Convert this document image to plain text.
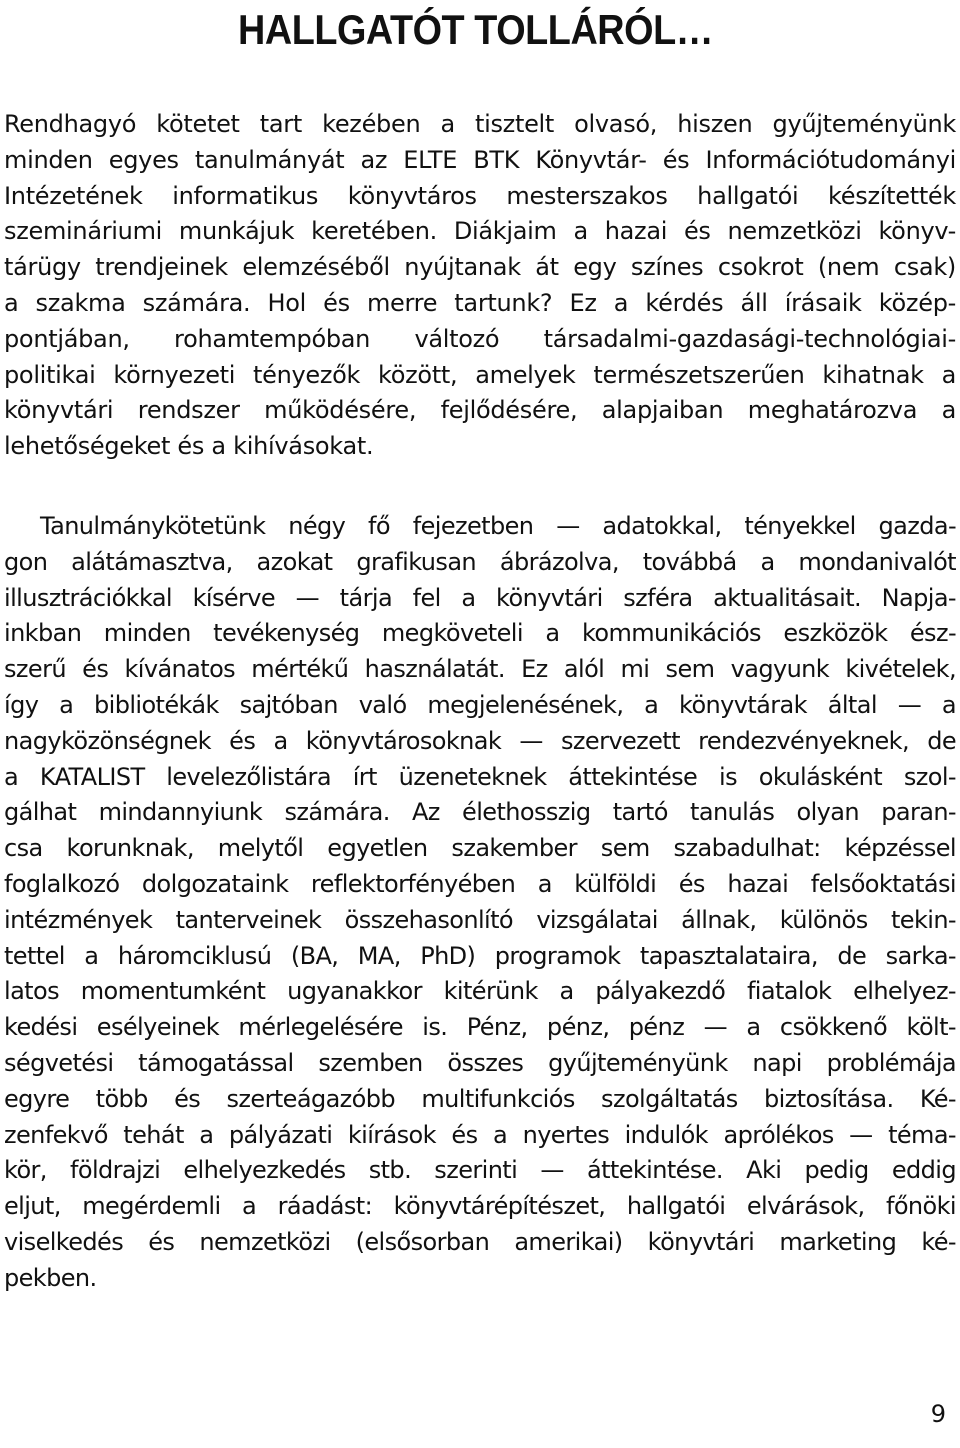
HALLGATÓT TOLLÁRÓL…
Rendhagyó kötetet tart kezében a tisztelt olvasó, hiszen gyűjteményünk
minden egyes tanulmányát az ELTE BTK Könyvtár- és Információtudományi
Intézetének informatikus könyvtáros mesterszakos hallgatói készítették
szemináriumi munkájuk keretében. Diákjaim a hazai és nemzetközi könyv-
tárügy trendjeinek elemzéséből nyújtanak át egy színes csokrot (nem csak)
a szakma számára. Hol és merre tartunk? Ez a kérdés áll írásaik közép-
pontjában, rohamtempóban változó társadalmi-gazdasági-technológiai-
politikai környezeti tényezők között, amelyek természetszerűen kihatnak a
könyvtári rendszer működésére, fejlődésére, alapjaiban meghatározva a
lehetőségeket és a kihívásokat.
Tanulmánykötetünk négy fő fejezetben — adatokkal, tényekkel gazda-
gon alátámasztva, azokat grafikusan ábrázolva, továbbá a mondanivalót
illusztrációkkal kísérve — tárja fel a könyvtári szféra aktualitásait. Napja-
inkban minden tevékenység megköveteli a kommunikációs eszközök ész-
szerű és kívánatos mértékű használatát. Ez alól mi sem vagyunk kivételek,
így a bibliotékák sajtóban való megjelenésének, a könyvtárak által — a
nagyközönségnek és a könyvtárosoknak — szervezett rendezvényeknek, de
a KATALIST levelezőlistára írt üzeneteknek áttekintése is okulásként szol-
gálhat mindannyiunk számára. Az élethosszig tartó tanulás olyan paran-
csa korunknak, melytől egyetlen szakember sem szabadulhat: képzéssel
foglalkozó dolgozataink reflektorfényében a külföldi és hazai felsőoktatási
intézmények tanterveinek összehasonlító vizsgálatai állnak, különös tekin-
tettel a háromciklusú (BA, MA, PhD) programok tapasztalataira, de sarka-
latos momentumként ugyanakkor kitérünk a pályakezdő fiatalok elhelyez-
kedési esélyeinek mérlegelésére is. Pénz, pénz, pénz — a csökkenő költ-
ségvetési támogatással szemben összes gyűjteményünk napi problémája
egyre több és szerteágazóbb multifunkciós szolgáltatás biztosítása. Ké-
zenfekvő tehát a pályázati kiírások és a nyertes indulók aprólékos — téma-
kör, földrajzi elhelyezkedés stb. szerinti — áttekintése. Aki pedig eddig
eljut, megérdemli a ráadást: könyvtárépítészet, hallgatói elvárások, főnöki
viselkedés és nemzetközi (elsősorban amerikai) könyvtári marketing ké-
pekben.
9
